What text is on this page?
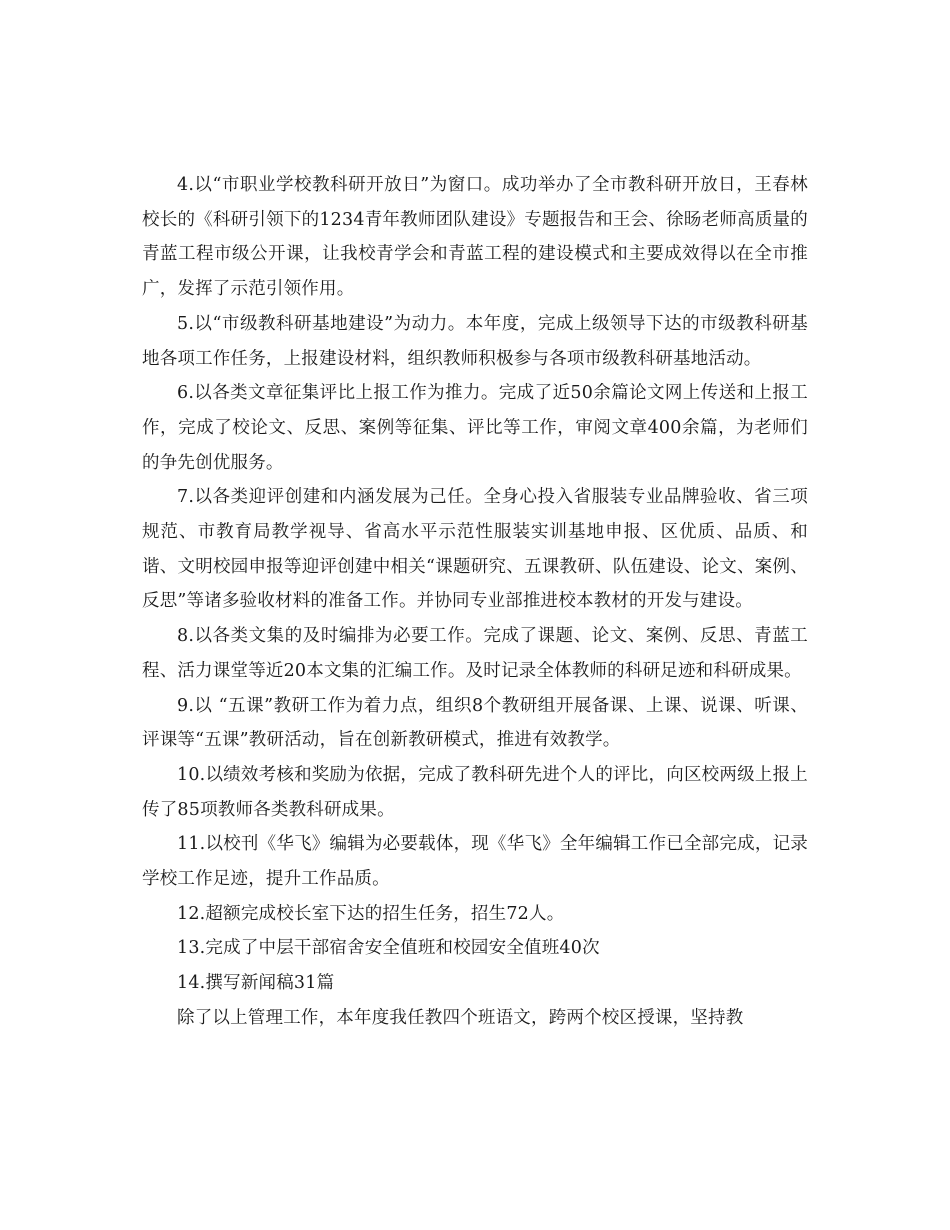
4.以“市职业学校教科研开放日”为窗口。成功举办了全市教科研开放日，王春林校长的《科研引领下的1234青年教师团队建设》专题报告和王会、徐旸老师高质量的青蓝工程市级公开课，让我校青学会和青蓝工程的建设模式和主要成效得以在全市推广，发挥了示范引领作用。

5.以“市级教科研基地建设”为动力。本年度，完成上级领导下达的市级教科研基地各项工作任务，上报建设材料，组织教师积极参与各项市级教科研基地活动。

6.以各类文章征集评比上报工作为推力。完成了近50余篇论文网上传送和上报工作，完成了校论文、反思、案例等征集、评比等工作，审阅文章400余篇，为老师们的争先创优服务。

7.以各类迎评创建和内涵发展为己任。全身心投入省服装专业品牌验收、省三项规范、市教育局教学视导、省高水平示范性服装实训基地申报、区优质、品质、和谐、文明校园申报等迎评创建中相关“课题研究、五课教研、队伍建设、论文、案例、反思”等诸多验收材料的准备工作。并协同专业部推进校本教材的开发与建设。

8.以各类文集的及时编排为必要工作。完成了课题、论文、案例、反思、青蓝工程、活力课堂等近20本文集的汇编工作。及时记录全体教师的科研足迹和科研成果。

9.以 “五课”教研工作为着力点，组织8个教研组开展备课、上课、说课、听课、评课等“五课”教研活动，旨在创新教研模式，推进有效教学。

10.以绩效考核和奖励为依据，完成了教科研先进个人的评比，向区校两级上报上传了85项教师各类教科研成果。

11.以校刊《华飞》编辑为必要载体，现《华飞》全年编辑工作已全部完成，记录学校工作足迹，提升工作品质。

12.超额完成校长室下达的招生任务，招生72人。

13.完成了中层干部宿舍安全值班和校园安全值班40次

14.撰写新闻稿31篇

除了以上管理工作，本年度我任教四个班语文，跨两个校区授课，坚持教
